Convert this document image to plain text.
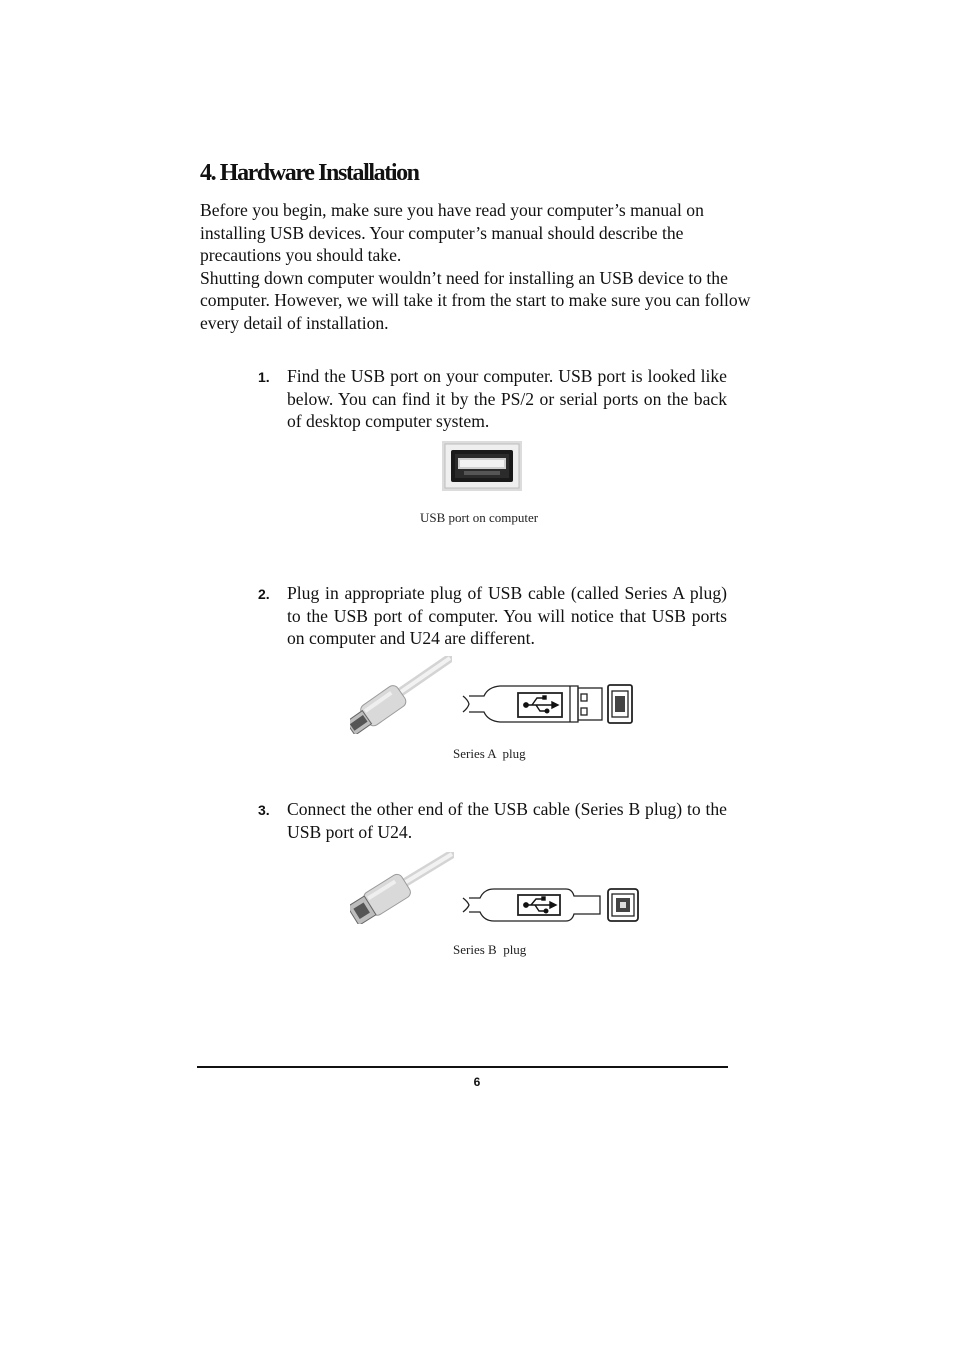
4. Hardware Installation

Before you begin, make sure you have read your computer’s manual on installing USB devices. Your computer’s manual should describe the precautions you should take.

Shutting down computer wouldn’t need for installing an USB device to the computer. However, we will take it from the start to make sure you can follow every detail of installation.

1. Find the USB port on your computer. USB port is looked like below. You can find it by the PS/2 or serial ports on the back of desktop computer system.

USB port on computer
2. Plug in appropriate plug of USB cable (called Series A plug) to the USB port of computer. You will notice that USB ports on computer and U24 are different.

Series A  plug
3. Connect the other end of the USB cable (Series B plug) to the USB port of U24.

Series B  plug
6
